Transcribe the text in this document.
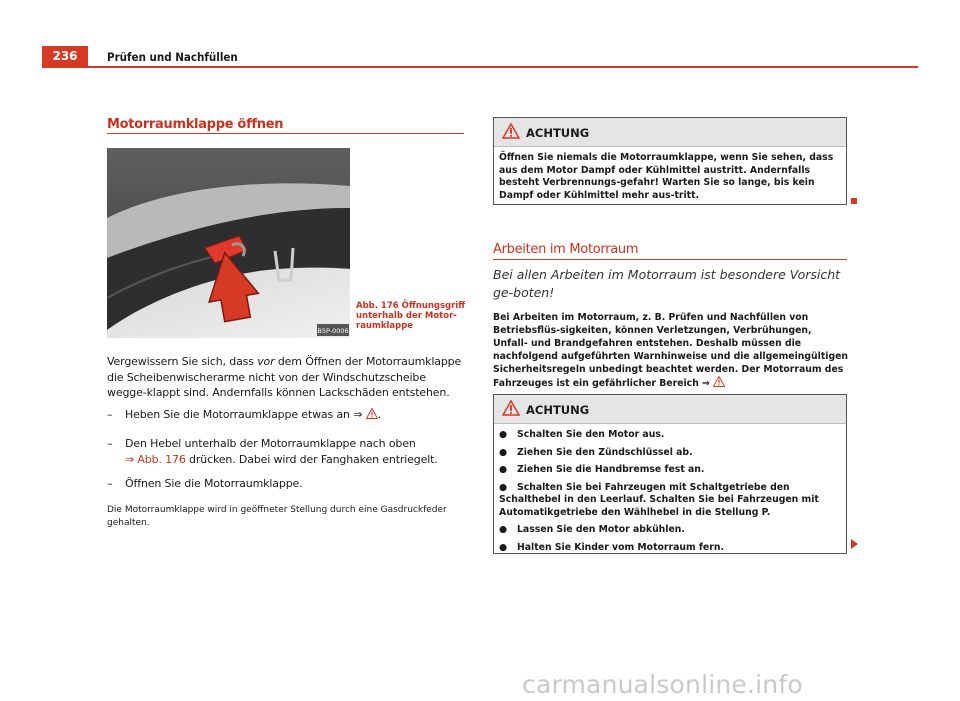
236	Prüfen und Nachfüllen
Motorraumklappe öffnen
B5P-0006
Abb. 176 Öffnungsgriff unterhalb der Motor-raumklappe
Vergewissern Sie sich, dass vor dem Öffnen der Motorraumklappe die Scheibenwischerarme nicht von der Windschutzscheibe wegge-klappt sind. Andernfalls können Lackschäden entstehen.
– Heben Sie die Motorraumklappe etwas an ⇒ .
– Den Hebel unterhalb der Motorraumklappe nach oben
⇒ Abb. 176 drücken. Dabei wird der Fanghaken entriegelt.
– Öffnen Sie die Motorraumklappe.
Die Motorraumklappe wird in geöffneter Stellung durch eine Gasdruckfeder gehalten.
ACHTUNG
Öffnen Sie niemals die Motorraumklappe, wenn Sie sehen, dass aus dem Motor Dampf oder Kühlmittel austritt. Andernfalls besteht Verbrennungs-gefahr! Warten Sie so lange, bis kein Dampf oder Kühlmittel mehr aus-tritt.
Arbeiten im Motorraum
Bei allen Arbeiten im Motorraum ist besondere Vorsicht ge-boten!
Bei Arbeiten im Motorraum, z. B. Prüfen und Nachfüllen von Betriebsflüs-sigkeiten, können Verletzungen, Verbrühungen, Unfall- und Brandgefahren entstehen. Deshalb müssen die nachfolgend aufgeführten Warnhinweise und die allgemeingültigen Sicherheitsregeln unbedingt beachtet werden. Der Motorraum des Fahrzeuges ist ein gefährlicher Bereich ⇒
ACHTUNG
● Schalten Sie den Motor aus.
● Ziehen Sie den Zündschlüssel ab.
● Ziehen Sie die Handbremse fest an.
● Schalten Sie bei Fahrzeugen mit Schaltgetriebe den Schalthebel in den Leerlauf. Schalten Sie bei Fahrzeugen mit Automatikgetriebe den Wählhebel in die Stellung P.
● Lassen Sie den Motor abkühlen.
● Halten Sie Kinder vom Motorraum fern.
carmanualsonline.info
